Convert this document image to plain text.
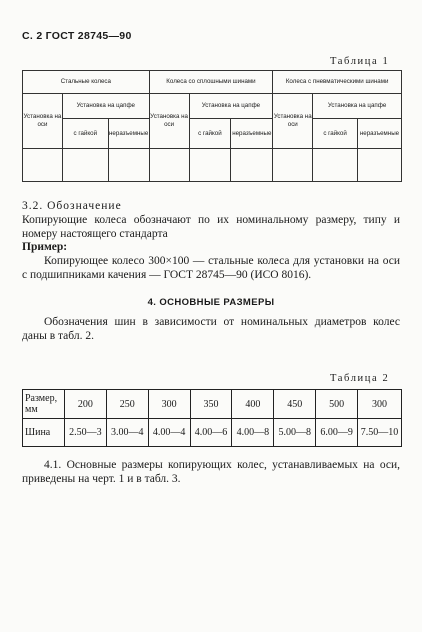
С. 2 ГОСТ 28745—90
Таблица 1
Стальные колеса			Колеса со сплошными шинами			Колеса с пневматическими шинами		
Установка на оси	Установка на цапфе		Установка на оси	Установка на цапфе		Установка на оси	Установка на цапфе	
	с гайкой	неразъемные		с гайкой	неразъемные		с гайкой	неразъемные

3.2. Обозначение
Копирующие колеса обозначают по их номинальному размеру, типу и номеру настоящего стандарта
Пример:
Копирующее колесо 300×100 — стальные колеса для установки на оси с подшипниками качения — ГОСТ 28745—90 (ИСО 8016).
4. ОСНОВНЫЕ РАЗМЕРЫ
Обозначения шин в зависимости от номинальных диаметров колес даны в табл. 2.
Таблица 2
Размер, мм	200	250	300	350	400	450	500	300
Шина	2.50—3	3.00—4	4.00—4	4.00—6	4.00—8	5.00—8	6.00—9	7.50—10
4.1. Основные размеры копирующих колес, устанавливаемых на оси, приведены на черт. 1 и в табл. 3.
